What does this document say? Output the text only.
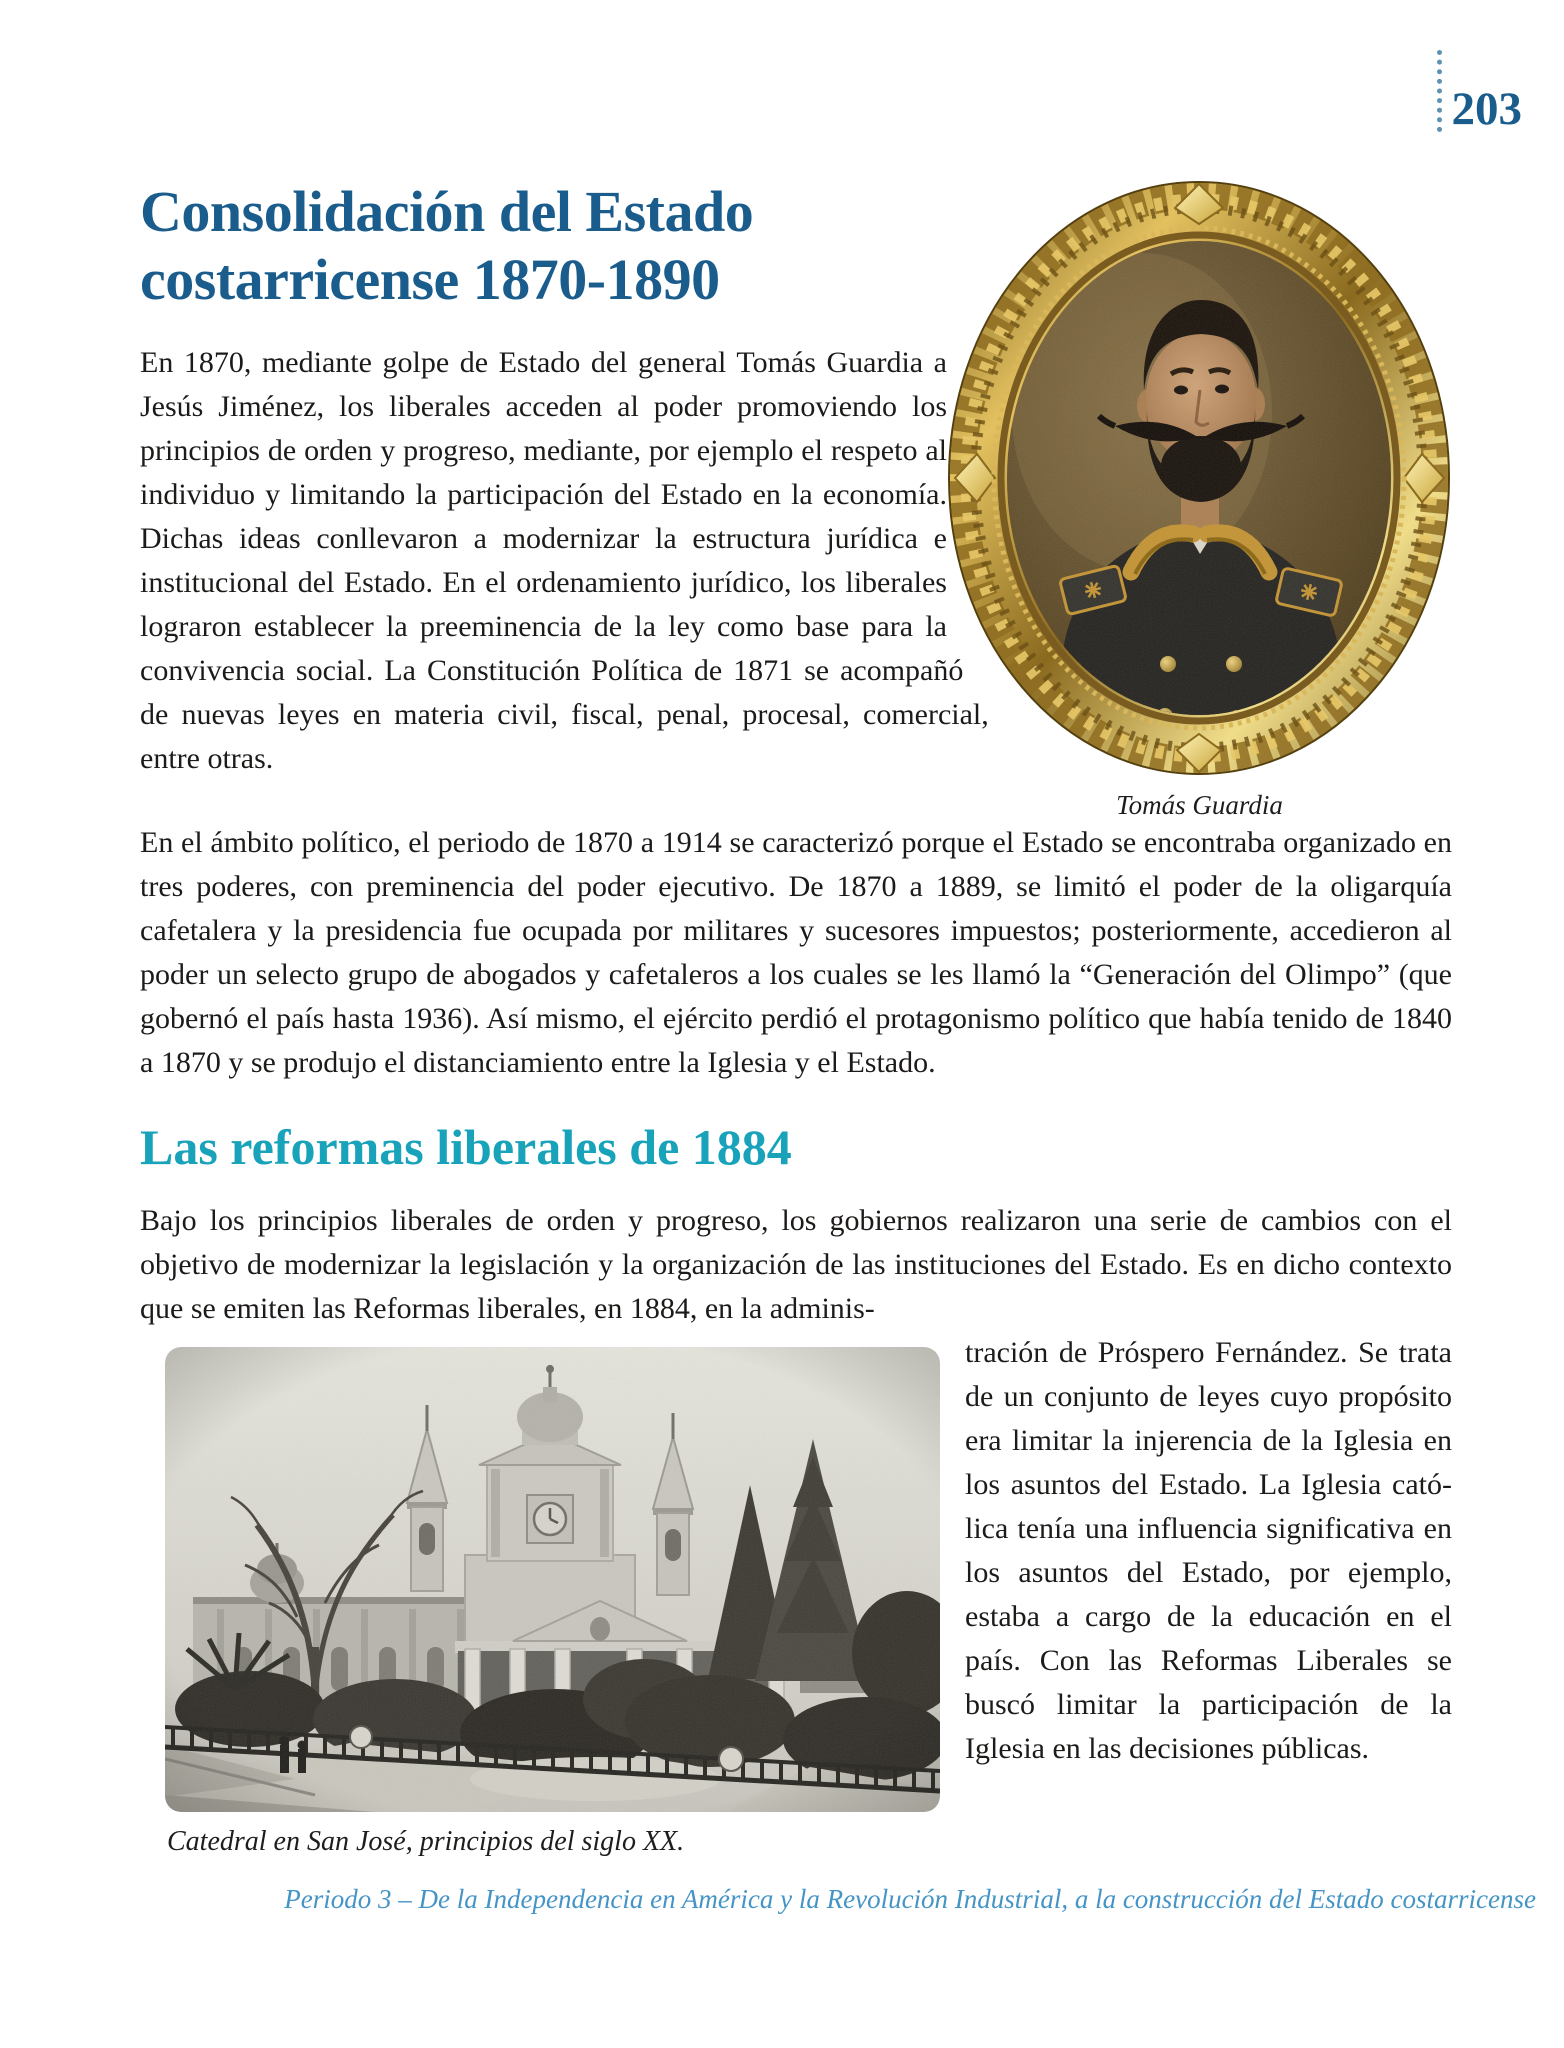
203
Tomás Guardia
Consolidación del Estado costarricense 1870-1890

En 1870, mediante golpe de Estado del general Tomás Guardia a Jesús Jiménez, los liberales acceden al poder promoviendo los principios de orden y progreso, mediante, por ejemplo el respeto al individuo y limitando la participación del Estado en la economía. Dichas ideas conllevaron a modernizar la estructura jurídica e institucional del Estado. En el ordenamiento jurídico, los liberales lograron establecer la preeminencia de la ley como base para la convivencia social. La Constitución Política de 1871 se acompañó de nuevas leyes en materia civil, fiscal, penal, procesal, comercial, entre otras.

En el ámbito político, el periodo de 1870 a 1914 se caracterizó porque el Estado se encontraba organizado en tres poderes, con preminencia del poder ejecutivo. De 1870 a 1889, se limitó el poder de la oligarquía cafetalera y la presidencia fue ocupada por militares y sucesores impuestos; posteriormente, accedieron al poder un selecto grupo de abogados y cafetaleros a los cuales se les llamó la “Generación del Olimpo” (que gobernó el país hasta 1936). Así mismo, el ejército perdió el protagonismo político que había tenido de 1840 a 1870 y se produjo el distanciamiento entre la Iglesia y el Estado.

Las reformas liberales de 1884

Bajo los principios liberales de orden y progreso, los gobiernos realizaron una serie de cambios con el objetivo de modernizar la legislación y la organización de las instituciones del Estado. Es en dicho contexto que se emiten las Reformas liberales, en 1884, en la adminis-

Catedral en San José, principios del siglo XX.

tración de Próspero Fernández. Se trata de un conjunto de leyes cuyo propósito era limitar la injerencia de la Iglesia en los asuntos del Estado. La Iglesia católica tenía una influencia significativa en los asuntos del Estado, por ejemplo, estaba a cargo de la educación en el país. Con las Reformas Liberales se buscó limitar la participación de la Iglesia en las decisiones públicas.

Periodo 3 – De la Independencia en América y la Revolución Industrial, a la construcción del Estado costarricense
